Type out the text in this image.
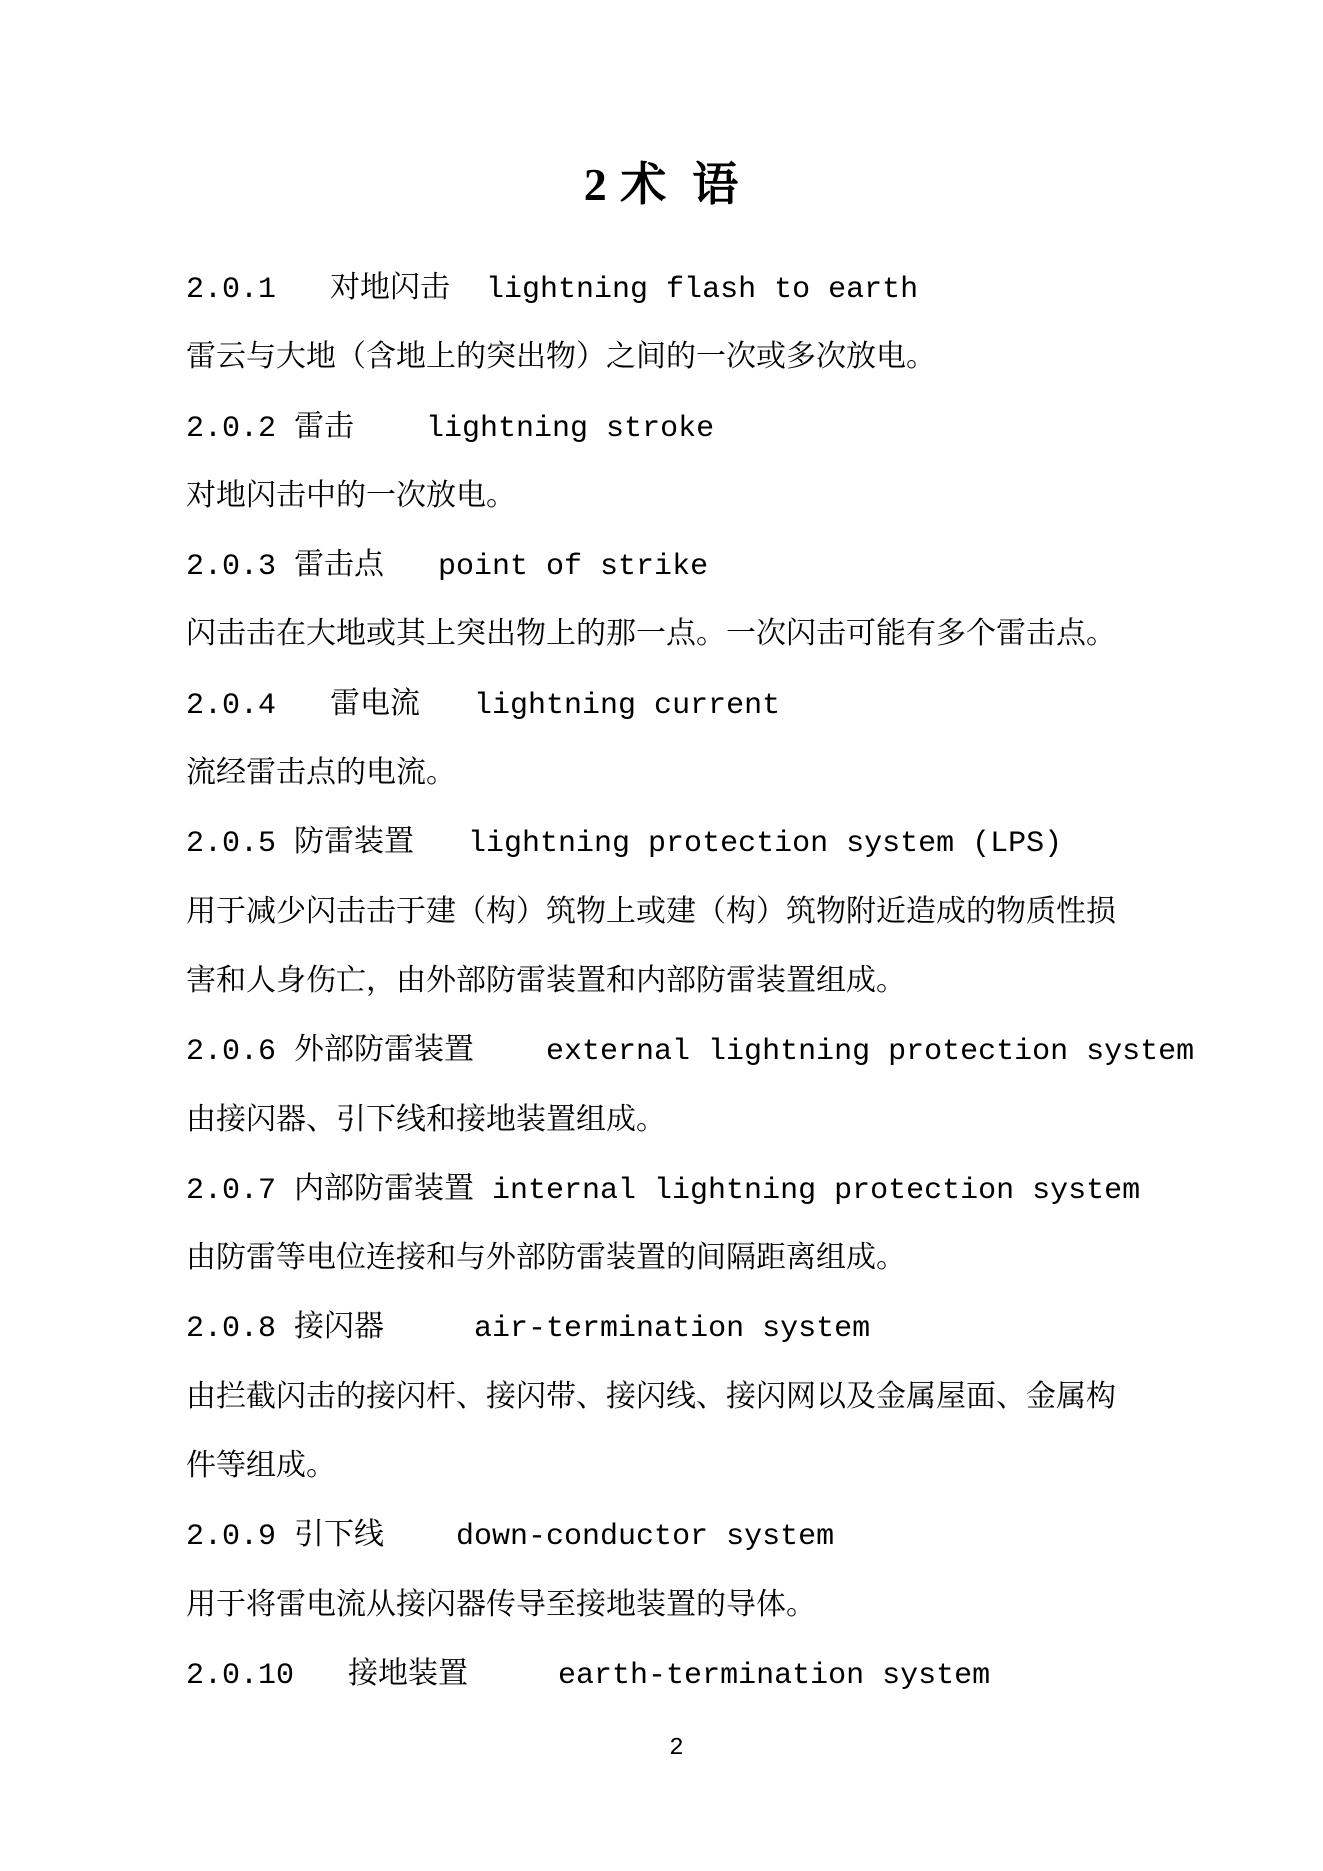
2 术  语
2.0.1   对地闪击  lightning flash to earth
雷云与大地（含地上的突出物）之间的一次或多次放电。
2.0.2 雷击    lightning stroke
对地闪击中的一次放电。
2.0.3 雷击点   point of strike
闪击击在大地或其上突出物上的那一点。一次闪击可能有多个雷击点。
2.0.4   雷电流   lightning current
流经雷击点的电流。
2.0.5 防雷装置   lightning protection system (LPS)
用于减少闪击击于建（构）筑物上或建（构）筑物附近造成的物质性损
害和人身伤亡，由外部防雷装置和内部防雷装置组成。
2.0.6 外部防雷装置    external lightning protection system
由接闪器、引下线和接地装置组成。
2.0.7 内部防雷装置 internal lightning protection system
由防雷等电位连接和与外部防雷装置的间隔距离组成。
2.0.8 接闪器     air-termination system
由拦截闪击的接闪杆、接闪带、接闪线、接闪网以及金属屋面、金属构
件等组成。
2.0.9 引下线    down-conductor system
用于将雷电流从接闪器传导至接地装置的导体。
2.0.10   接地装置     earth-termination system
2
